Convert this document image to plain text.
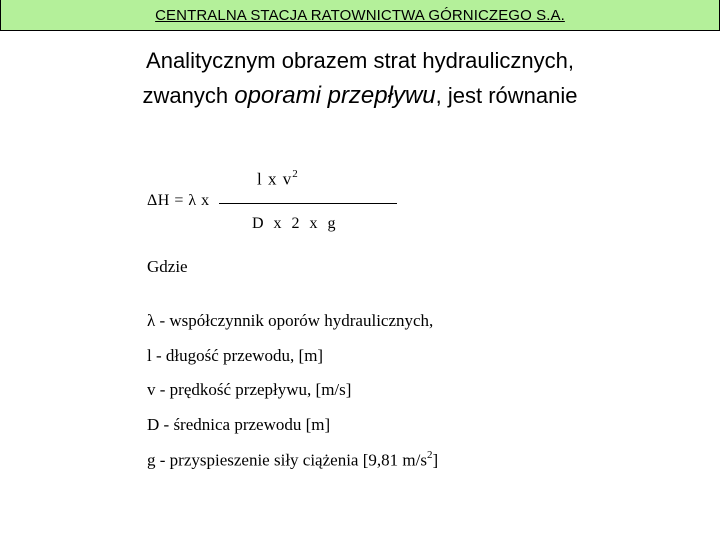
CENTRALNA STACJA RATOWNICTWA GÓRNICZEGO S.A.
Analitycznym obrazem strat hydraulicznych,
zwanych oporami przepływu, jest równanie
l x $v^2$
ΔH = λ x
D x 2 x g
Gdzie
λ - współczynnik oporów hydraulicznych,
l - długość przewodu, [m]
v - prędkość przepływu, [m/s]
D - średnica przewodu [m]
g - przyspieszenie siły ciążenia [9,81 $m/s^2$]
